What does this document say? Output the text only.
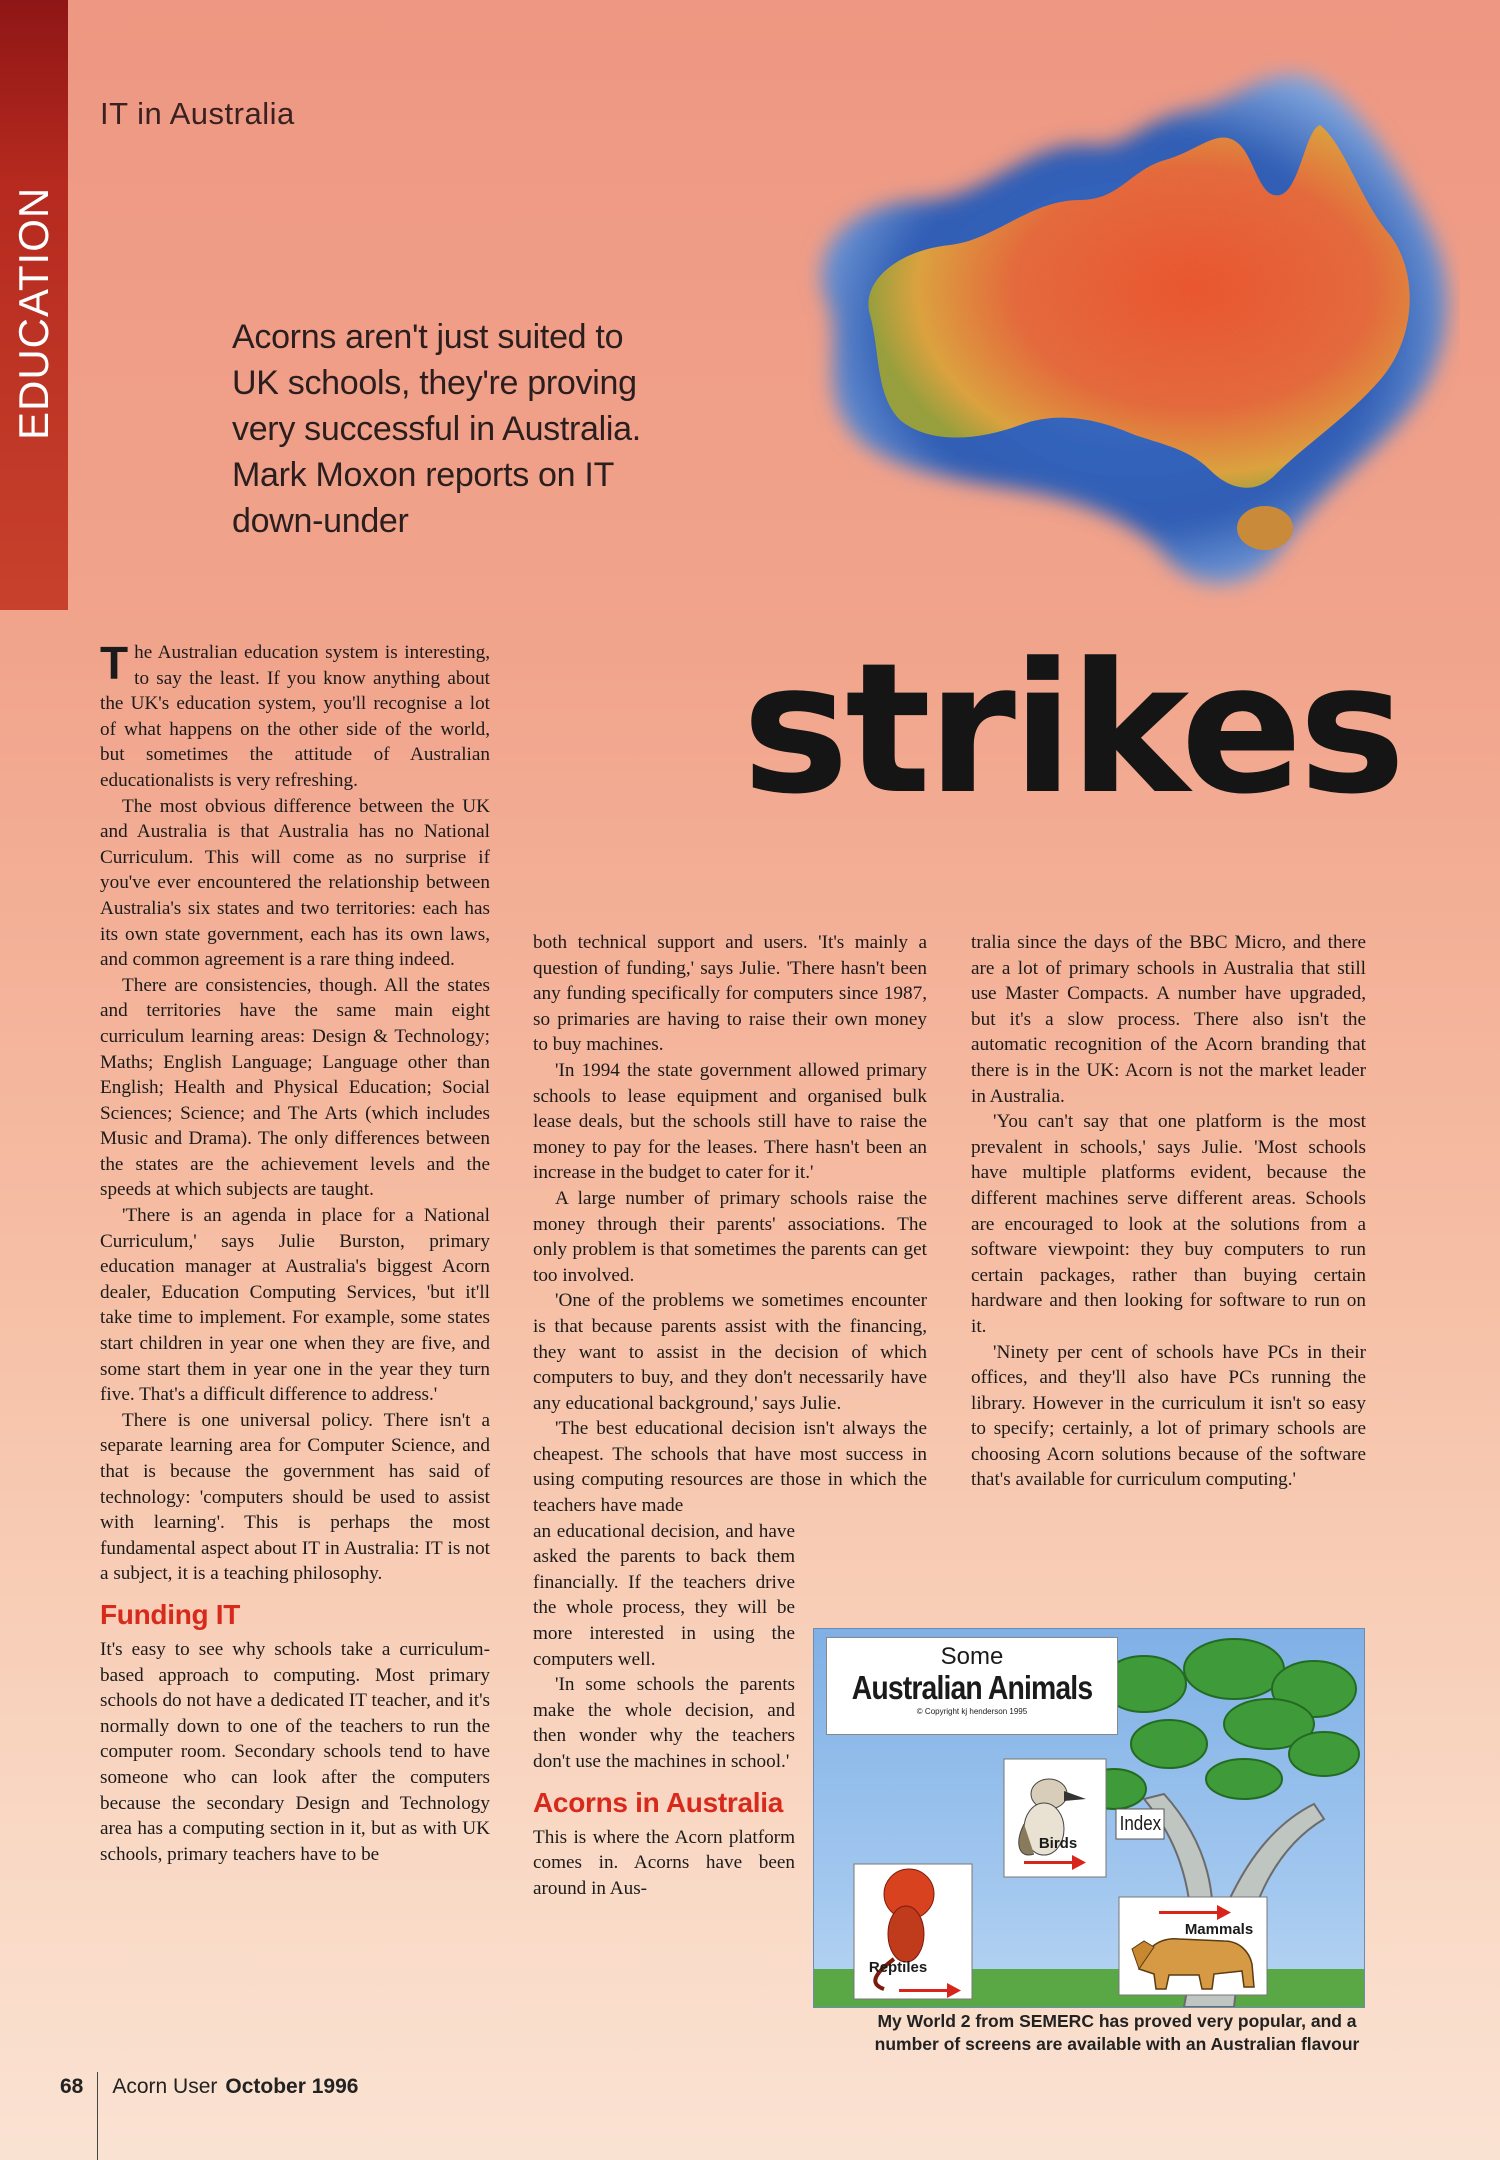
EDUCATION
IT in Australia

Acorns aren't just suited to UK schools, they're proving very successful in Australia. Mark Moxon reports on IT down-under

strikes

The Australian education system is interesting, to say the least. If you know anything about the UK's education system, you'll recognise a lot of what happens on the other side of the world, but sometimes the attitude of Australian educationalists is very refreshing.

The most obvious difference between the UK and Australia is that Australia has no National Curriculum. This will come as no surprise if you've ever encountered the relationship between Australia's six states and two territories: each has its own state government, each has its own laws, and common agreement is a rare thing indeed.

There are consistencies, though. All the states and territories have the same main eight curriculum learning areas: Design & Technology; Maths; English Language; Language other than English; Health and Physical Education; Social Sciences; Science; and The Arts (which includes Music and Drama). The only differences between the states are the achievement levels and the speeds at which subjects are taught.

'There is an agenda in place for a National Curriculum,' says Julie Burston, primary education manager at Australia's biggest Acorn dealer, Education Computing Services, 'but it'll take time to implement. For example, some states start children in year one when they are five, and some start them in year one in the year they turn five. That's a difficult difference to address.'

There is one universal policy. There isn't a separate learning area for Computer Science, and that is because the government has said of technology: 'computers should be used to assist with learning'. This is perhaps the most fundamental aspect about IT in Australia: IT is not a subject, it is a teaching philosophy.

Funding IT

It's easy to see why schools take a curriculum-based approach to computing. Most primary schools do not have a dedicated IT teacher, and it's normally down to one of the teachers to run the computer room. Secondary schools tend to have someone who can look after the computers because the secondary Design and Technology area has a computing section in it, but as with UK schools, primary teachers have to be

both technical support and users. 'It's mainly a question of funding,' says Julie. 'There hasn't been any funding specifically for computers since 1987, so primaries are having to raise their own money to buy machines.

'In 1994 the state government allowed primary schools to lease equipment and organised bulk lease deals, but the schools still have to raise the money to pay for the leases. There hasn't been an increase in the budget to cater for it.'

A large number of primary schools raise the money through their parents' associations. The only problem is that sometimes the parents can get too involved.

'One of the problems we sometimes encounter is that because parents assist with the financing, they want to assist in the decision of which computers to buy, and they don't necessarily have any educational background,' says Julie.

'The best educational decision isn't always the cheapest. The schools that have most success in using computing resources are those in which the teachers have made

an educational decision, and have asked the parents to back them financially. If the teachers drive the whole process, they will be more interested in using the computers well.

'In some schools the parents make the whole decision, and then wonder why the teachers don't use the machines in school.'

Acorns in Australia

This is where the Acorn platform comes in. Acorns have been around in Aus-

tralia since the days of the BBC Micro, and there are a lot of primary schools in Australia that still use Master Compacts. A number have upgraded, but it's a slow process. There also isn't the automatic recognition of the Acorn branding that there is in the UK: Acorn is not the market leader in Australia.

'You can't say that one platform is the most prevalent in schools,' says Julie. 'Most schools have multiple platforms evident, because the different machines serve different areas. Schools are encouraged to look at the solutions from a software viewpoint: they buy computers to run certain packages, rather than buying certain hardware and then looking for software to run on it.

'Ninety per cent of schools have PCs in their offices, and they'll also have PCs running the library. However in the curriculum it isn't so easy to specify; certainly, a lot of primary schools are choosing Acorn solutions because of the software that's available for curriculum computing.'

Some
Australian Animals
© Copyright kj henderson 1995
Birds
Index
Reptiles
Mammals
My World 2 from SEMERC has proved very popular, and a number of screens are available with an Australian flavour
68 Acorn User October 1996
